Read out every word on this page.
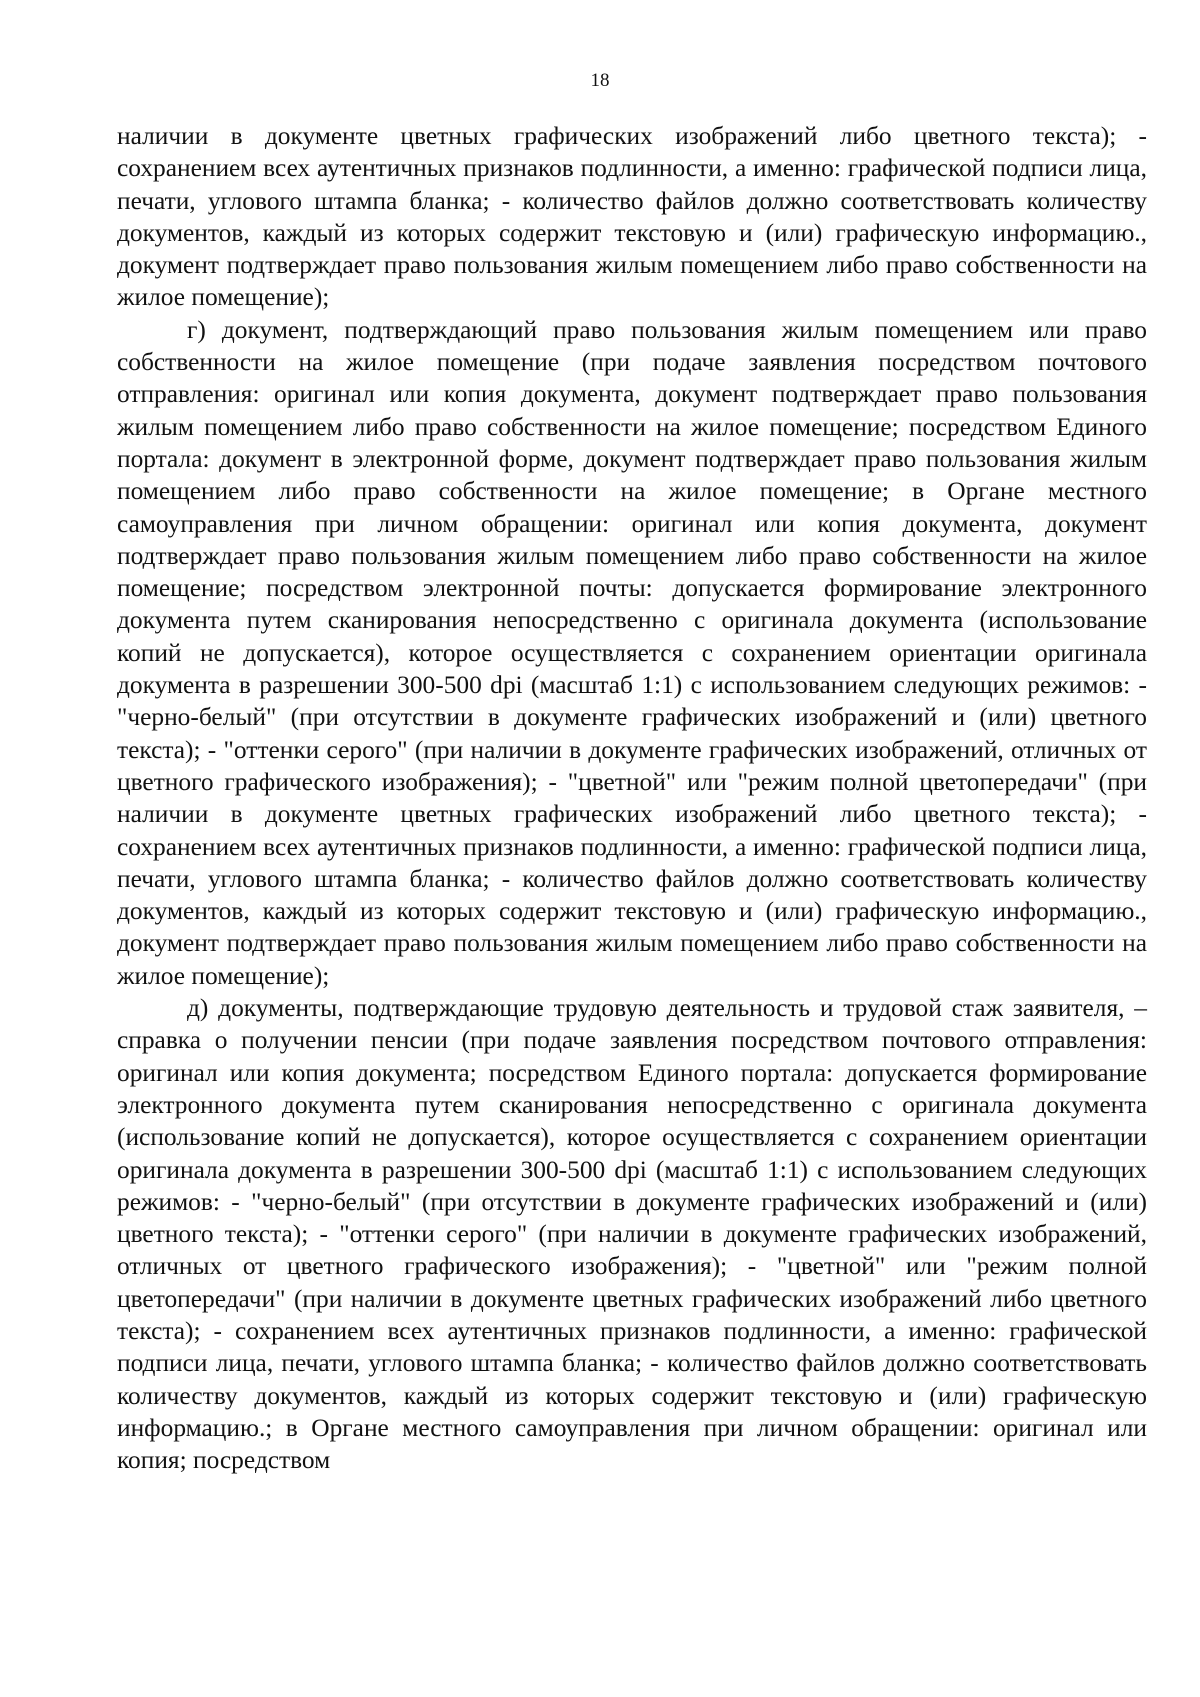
18

наличии в документе цветных графических изображений либо цветного текста); - сохранением всех аутентичных признаков подлинности, а именно: графической подписи лица, печати, углового штампа бланка; - количество файлов должно соответствовать количеству документов, каждый из которых содержит текстовую и (или) графическую информацию., документ подтверждает право пользования жилым помещением либо право собственности на жилое помещение);

г) документ, подтверждающий право пользования жилым помещением или право собственности на жилое помещение (при подаче заявления посредством почтового отправления: оригинал или копия документа, документ подтверждает право пользования жилым помещением либо право собственности на жилое помещение; посредством Единого портала: документ в электронной форме, документ подтверждает право пользования жилым помещением либо право собственности на жилое помещение; в Органе местного самоуправления при личном обращении: оригинал или копия документа, документ подтверждает право пользования жилым помещением либо право собственности на жилое помещение; посредством электронной почты: допускается формирование электронного документа путем сканирования непосредственно с оригинала документа (использование копий не допускается), которое осуществляется с сохранением ориентации оригинала документа в разрешении 300-500 dpi (масштаб 1:1) с использованием следующих режимов: - "черно-белый" (при отсутствии в документе графических изображений и (или) цветного текста); - "оттенки серого" (при наличии в документе графических изображений, отличных от цветного графического изображения); - "цветной" или "режим полной цветопередачи" (при наличии в документе цветных графических изображений либо цветного текста); - сохранением всех аутентичных признаков подлинности, а именно: графической подписи лица, печати, углового штампа бланка; - количество файлов должно соответствовать количеству документов, каждый из которых содержит текстовую и (или) графическую информацию., документ подтверждает право пользования жилым помещением либо право собственности на жилое помещение);

д) документы, подтверждающие трудовую деятельность и трудовой стаж заявителя, – справка о получении пенсии (при подаче заявления посредством почтового отправления: оригинал или копия документа; посредством Единого портала: допускается формирование электронного документа путем сканирования непосредственно с оригинала документа (использование копий не допускается), которое осуществляется с сохранением ориентации оригинала документа в разрешении 300-500 dpi (масштаб 1:1) с использованием следующих режимов: - "черно-белый" (при отсутствии в документе графических изображений и (или) цветного текста); - "оттенки серого" (при наличии в документе графических изображений, отличных от цветного графического изображения); - "цветной" или "режим полной цветопередачи" (при наличии в документе цветных графических изображений либо цветного текста); - сохранением всех аутентичных признаков подлинности, а именно: графической подписи лица, печати, углового штампа бланка; - количество файлов должно соответствовать количеству документов, каждый из которых содержит текстовую и (или) графическую информацию.; в Органе местного самоуправления при личном обращении: оригинал или копия; посредством
